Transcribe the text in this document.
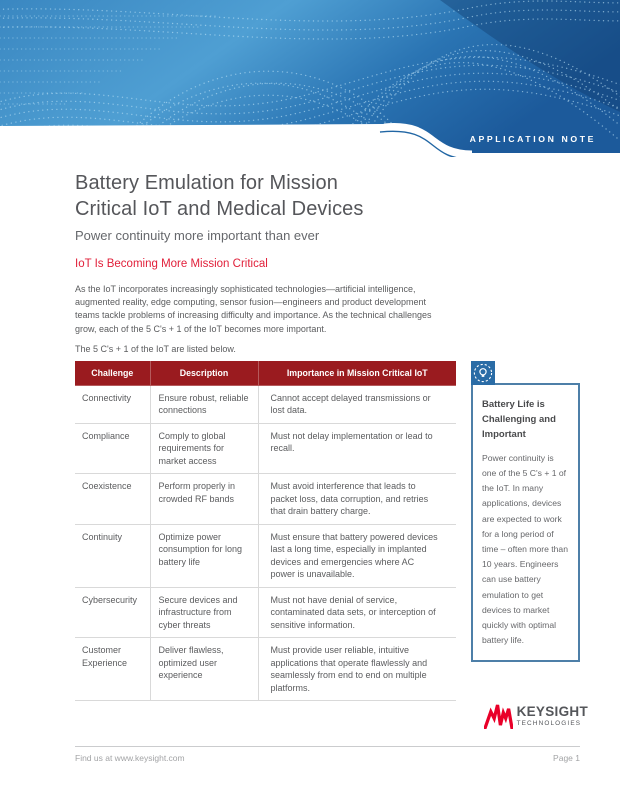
APPLICATION NOTE
Battery Emulation for Mission
Critical IoT and Medical Devices
Power continuity more important than ever
IoT Is Becoming More Mission Critical

As the IoT incorporates increasingly sophisticated technologies—artificial intelligence, augmented reality, edge computing, sensor fusion—engineers and product development teams tackle problems of increasing difficulty and importance. As the technical challenges grow, each of the 5 C's + 1 of the IoT becomes more important.

The 5 C's + 1 of the IoT are listed below.

Challenge	Description	Importance in Mission Critical IoT
Connectivity	Ensure robust, reliable connections	Cannot accept delayed transmissions or lost data.
Compliance	Comply to global requirements for market access	Must not delay implementation or lead to recall.
Coexistence	Perform properly in crowded RF bands	Must avoid interference that leads to packet loss, data corruption, and retries that drain battery charge.
Continuity	Optimize power consumption for long battery life	Must ensure that battery powered devices last a long time, especially in implanted devices and emergencies where AC power is unavailable.
Cybersecurity	Secure devices and infrastructure from cyber threats	Must not have denial of service, contaminated data sets, or interception of sensitive information.
Customer Experience	Deliver flawless, optimized user experience	Must provide user reliable, intuitive applications that operate flawlessly and seamlessly from end to end on multiple platforms.
Battery Life is Challenging and Important

Power continuity is one of the 5 C's + 1 of the IoT. In many applications, devices are expected to work for a long period of time – often more than 10 years. Engineers can use battery emulation to get devices to market quickly with optimal battery life.

KEYSIGHT
TECHNOLOGIES
Find us at www.keysight.com	Page 1
